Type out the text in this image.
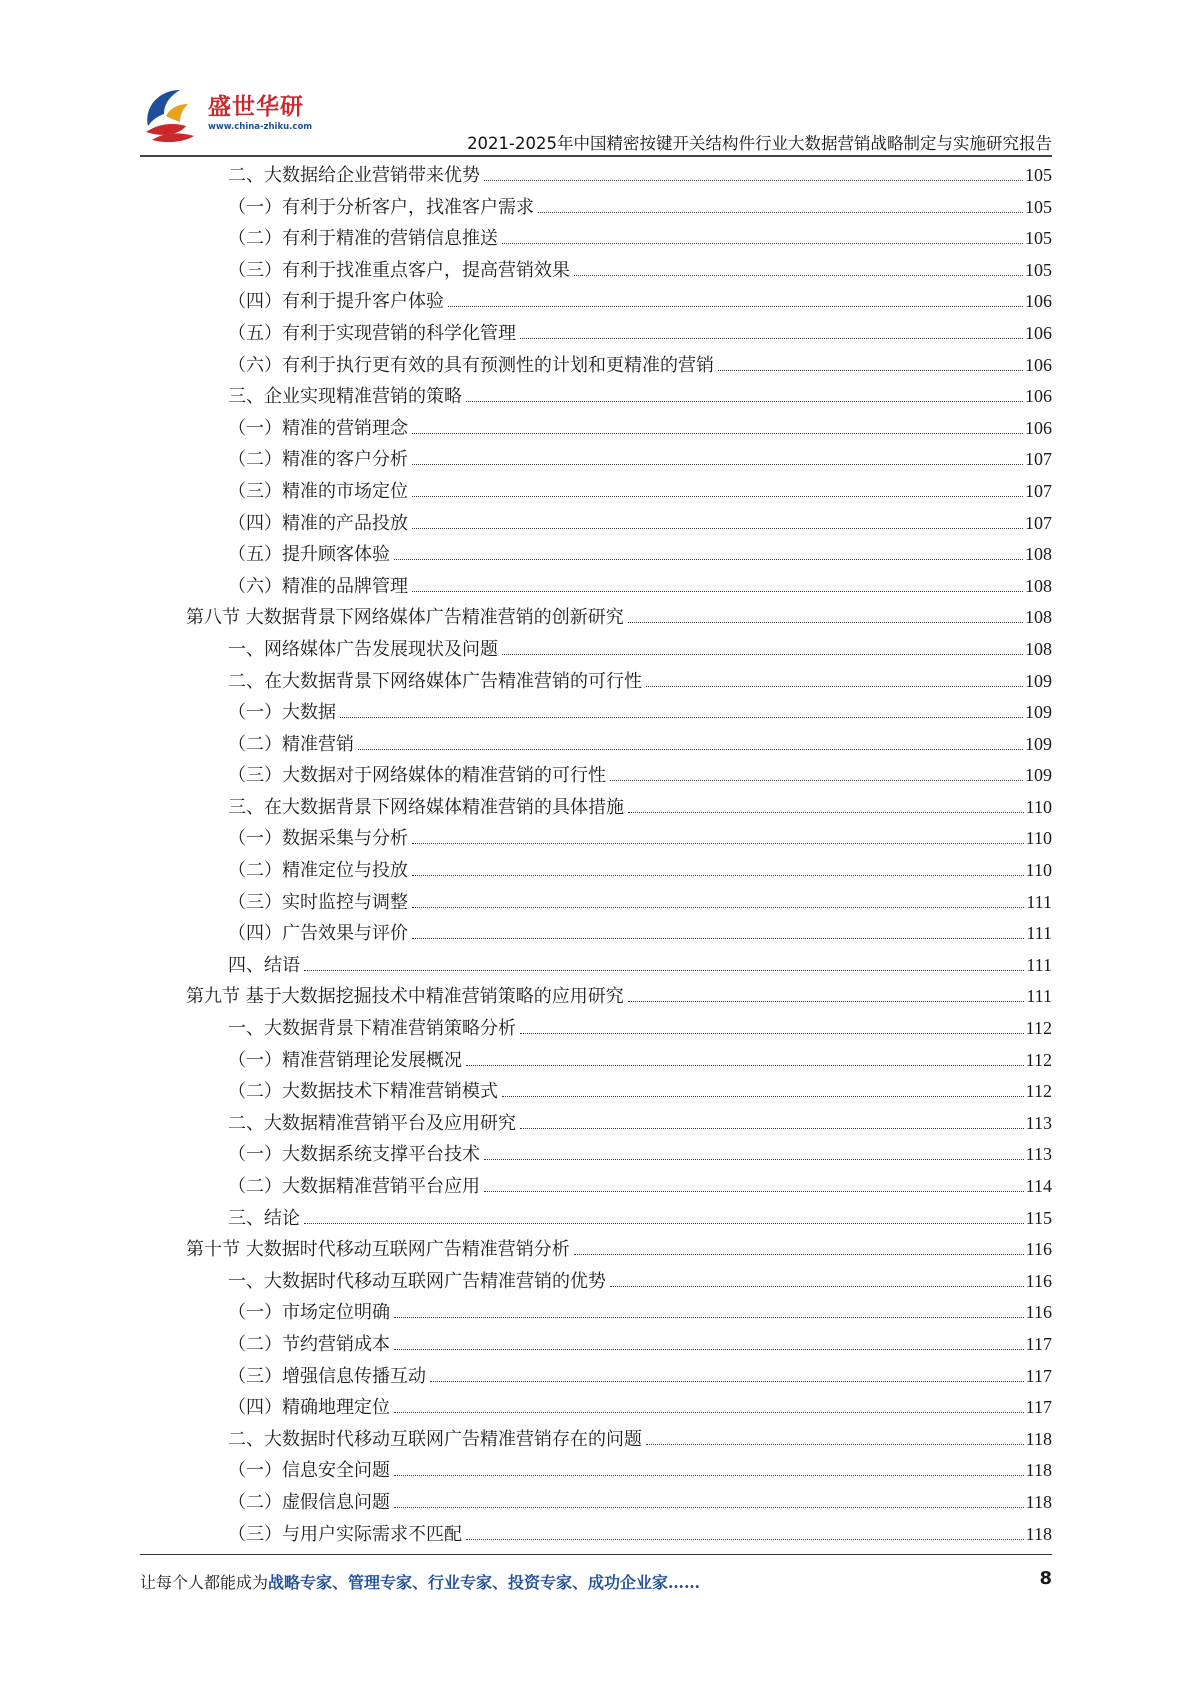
盛世华研
www.china-zhiku.com
2021-2025年中国精密按键开关结构件行业大数据营销战略制定与实施研究报告
二、大数据给企业营销带来优势	105
（一）有利于分析客户，找准客户需求	105
（二）有利于精准的营销信息推送	105
（三）有利于找准重点客户，提高营销效果	105
（四）有利于提升客户体验	106
（五）有利于实现营销的科学化管理	106
（六）有利于执行更有效的具有预测性的计划和更精准的营销	106
三、企业实现精准营销的策略	106
（一）精准的营销理念	106
（二）精准的客户分析	107
（三）精准的市场定位	107
（四）精准的产品投放	107
（五）提升顾客体验	108
（六）精准的品牌管理	108
第八节 大数据背景下网络媒体广告精准营销的创新研究	108
一、网络媒体广告发展现状及问题	108
二、在大数据背景下网络媒体广告精准营销的可行性	109
（一）大数据	109
（二）精准营销	109
（三）大数据对于网络媒体的精准营销的可行性	109
三、在大数据背景下网络媒体精准营销的具体措施	110
（一）数据采集与分析	110
（二）精准定位与投放	110
（三）实时监控与调整	111
（四）广告效果与评价	111
四、结语	111
第九节 基于大数据挖掘技术中精准营销策略的应用研究	111
一、大数据背景下精准营销策略分析	112
（一）精准营销理论发展概况	112
（二）大数据技术下精准营销模式	112
二、大数据精准营销平台及应用研究	113
（一）大数据系统支撑平台技术	113
（二）大数据精准营销平台应用	114
三、结论	115
第十节 大数据时代移动互联网广告精准营销分析	116
一、大数据时代移动互联网广告精准营销的优势	116
（一）市场定位明确	116
（二）节约营销成本	117
（三）增强信息传播互动	117
（四）精确地理定位	117
二、大数据时代移动互联网广告精准营销存在的问题	118
（一）信息安全问题	118
（二）虚假信息问题	118
（三）与用户实际需求不匹配	118
让每个人都能成为战略专家、管理专家、行业专家、投资专家、成功企业家……	8
